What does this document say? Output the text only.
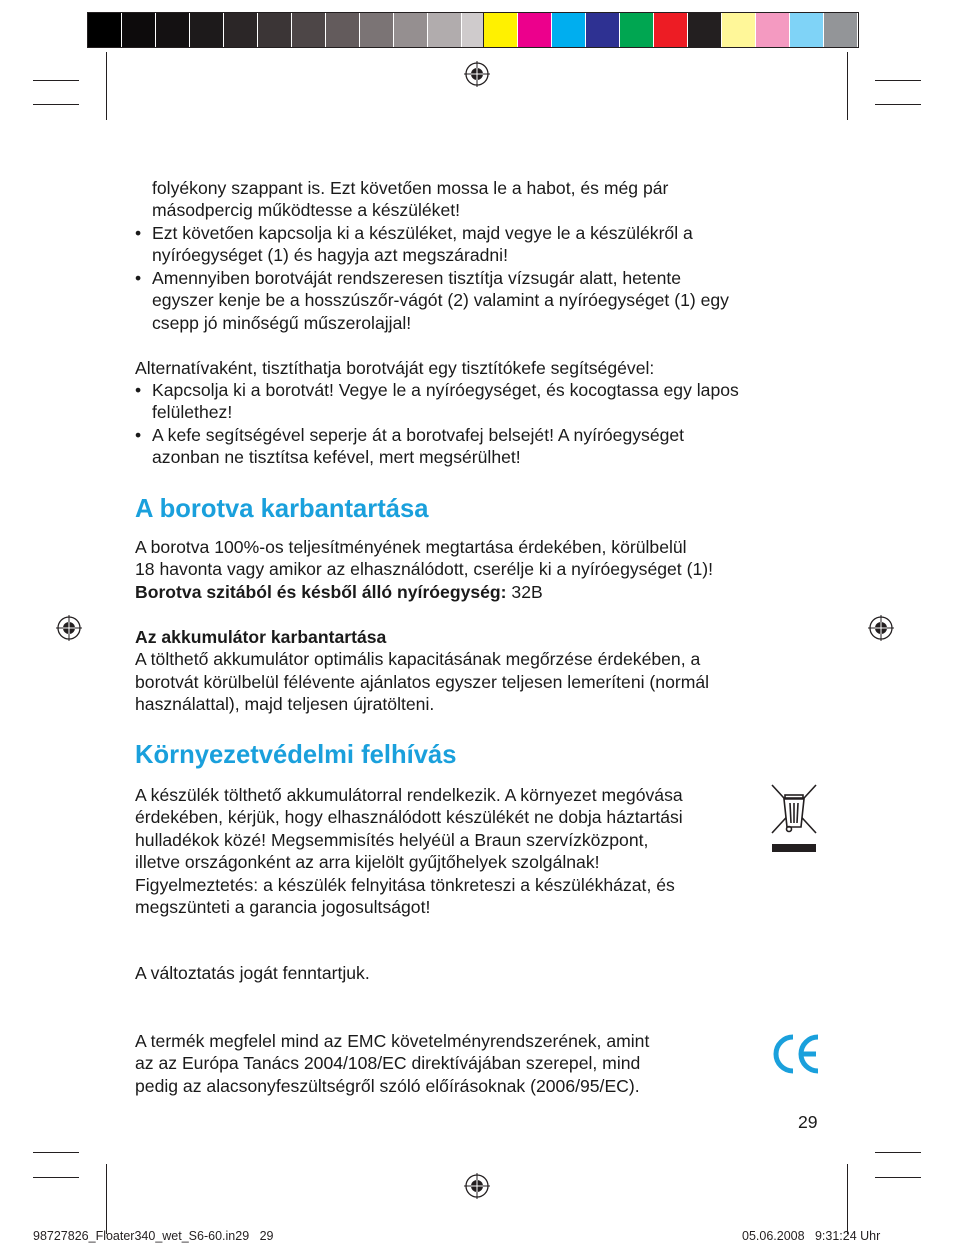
folyékony szappant is. Ezt követően mossa le a habot, és még pár
másodpercig működtesse a készüléket!
• Ezt követően kapcsolja ki a készüléket, majd vegye le a készülékről a
nyíróegységet (1) és hagyja azt megszáradni!
• Amennyiben borotváját rendszeresen tisztítja vízsugár alatt, hetente
egyszer kenje be a hosszúszőr-vágót (2) valamint a nyíróegységet (1) egy
csepp jó minőségű műszerolajjal!
Alternatívaként, tisztíthatja borotváját egy tisztítókefe segítségével:
• Kapcsolja ki a borotvát! Vegye le a nyíróegységet, és kocogtassa egy lapos
felülethez!
• A kefe segítségével seperje át a borotvafej belsejét! A nyíróegységet
azonban ne tisztítsa kefével, mert megsérülhet!
A borotva karbantartása
A borotva 100%-os teljesítményének megtartása érdekében, körülbelül
18 havonta vagy amikor az elhasználódott, cserélje ki a nyíróegységet (1)!
Borotva szitából és késből álló nyíróegység: 32B
Az akkumulátor karbantartása
A tölthető akkumulátor optimális kapacitásának megőrzése érdekében, a
borotvát körülbelül félévente ajánlatos egyszer teljesen lemeríteni (normál
használattal), majd teljesen újratölteni.
Környezetvédelmi felhívás
A készülék tölthető akkumulátorral rendelkezik. A környezet megóvása
érdekében, kérjük, hogy elhasználódott készülékét ne dobja háztartási
hulladékok közé! Megsemmisítés helyéül a Braun szervízközpont,
illetve országonként az arra kijelölt gyűjtőhelyek szolgálnak!
Figyelmeztetés: a készülék felnyitása tönkreteszi a készülékházat, és
megszünteti a garancia jogosultságot!
A változtatás jogát fenntartjuk.
A termék megfelel mind az EMC követelményrendszerének, amint
az az Európa Tanács 2004/108/EC direktívájában szerepel, mind
pedig az alacsonyfeszültségről szóló előírásoknak (2006/95/EC).
29
98727826_Floater340_wet_S6-60.in29   29	05.06.2008   9:31:24 Uhr
